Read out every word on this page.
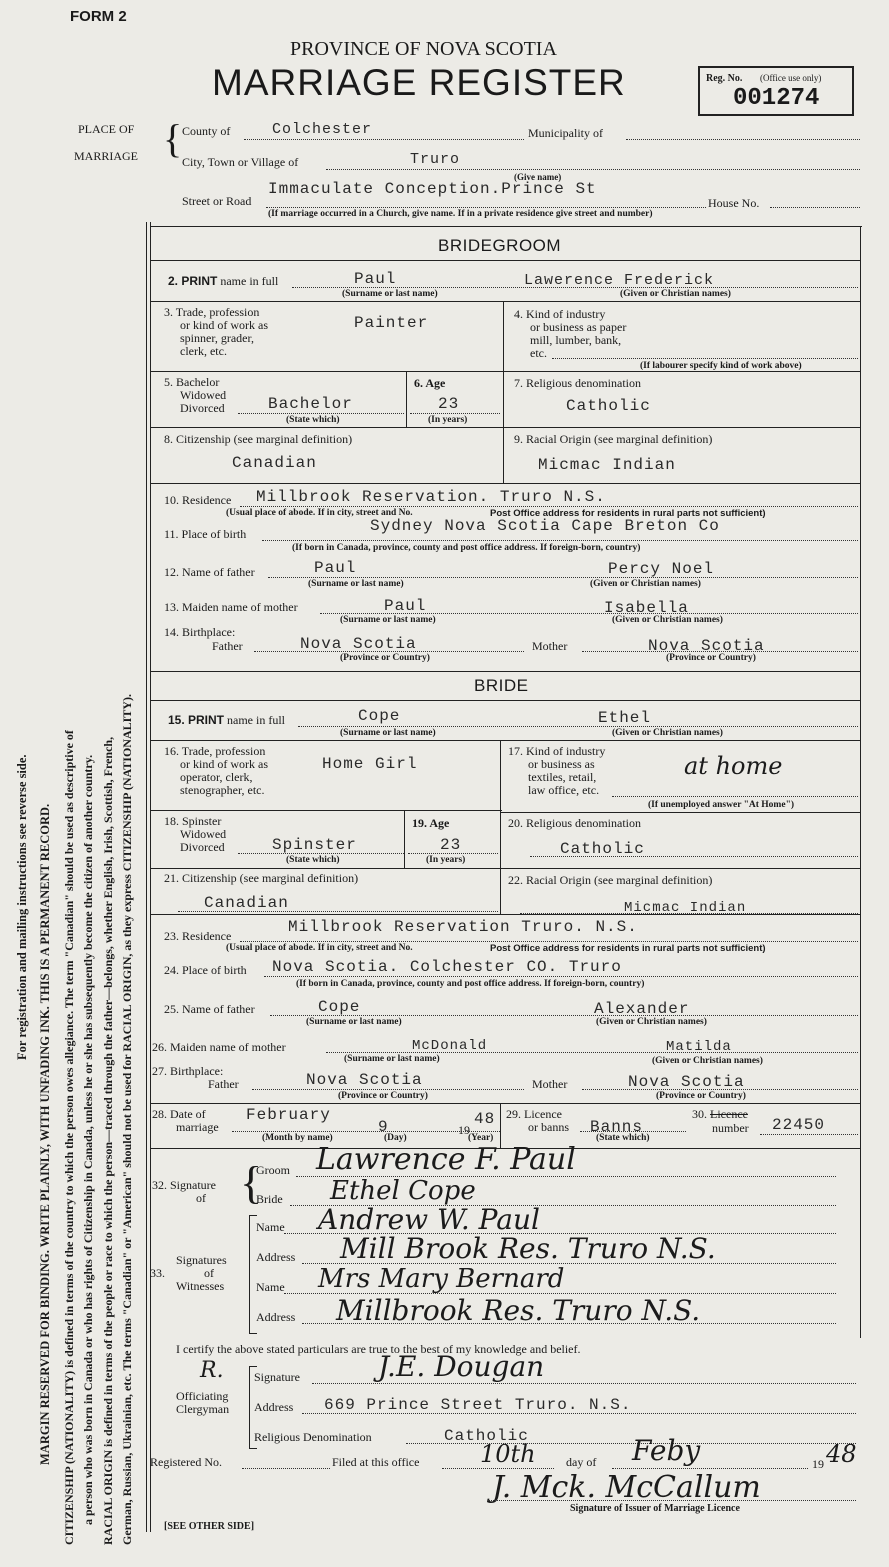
FORM 2
PROVINCE OF NOVA SCOTIA
MARRIAGE REGISTER	Reg. No. (Office use only)
001274
PLACE OF
MARRIAGE { County of	Colchester	Municipality of
City, Town or Village of	Truro
(Give name)
Street or Road
Immaculate Conception.Prince St
House No.
(If marriage occurred in a Church, give name. If in a private residence give street and number)
For registration and mailing instructions see reverse side. MARGIN RESERVED FOR BINDING. WRITE PLAINLY, WITH UNFADING INK. THIS IS A PERMANENT RECORD. CITIZENSHIP (NATIONALITY) is defined in terms of the country to which the person owes allegiance. The term "Canadian" should be used as descriptive of a person who was born in Canada or who has rights of Citizenship in Canada, unless he or she has subsequently become the citizen of another country. RACIAL ORIGIN is defined in terms of the people or race to which the person—traced through the father—belongs, whether English, Irish, Scottish, French, German, Russian, Ukrainian, etc. The terms "Canadian" or "American" should not be used for RACIAL ORIGIN, as they express CITIZENSHIP (NATIONALITY).
BRIDEGROOM
2. PRINT name in full	Paul	Lawerence Frederick
(Surname or last name)	(Given or Christian names)
3. Trade, profession
or kind of work as
spinner, grader,
clerk, etc.
Painter	4. Kind of industry
or business as paper
mill, lumber, bank,
etc.
(If labourer specify kind of work above)
5. Bachelor
Widowed
Divorced	Bachelor
(State which)
6. Age
23
(In years)
7. Religious denomination
Catholic
8. Citizenship (see marginal definition)
Canadian
9. Racial Origin (see marginal definition)
Micmac Indian
10. Residence Millbrook Reservation. Truro N.S.
(Usual place of abode. If in city, street and No.	Post Office address for residents in rural parts not sufficient)
11. Place of birth	Sydney Nova Scotia Cape Breton Co
(If born in Canada, province, county and post office address. If foreign-born, country)
12. Name of father	Paul	Percy Noel
(Surname or last name)	(Given or Christian names)
13. Maiden name of mother	Paul	Isabella
(Surname or last name)	(Given or Christian names)
14. Birthplace:
Father	Nova Scotia
(Province or Country)
Mother	Nova Scotia
(Province or Country)
BRIDE
15. PRINT name in full	Cope	Ethel
(Surname or last name)	(Given or Christian names)
16. Trade, profession
or kind of work as
operator, clerk,
stenographer, etc.
Home Girl
17. Kind of industry
or business as
textiles, retail,
law office, etc.
at home
(If unemployed answer "At Home")
18. Spinster
Widowed
Divorced	Spinster
(State which)
19. Age
23
(In years)
20. Religious denomination
Catholic
21. Citizenship (see marginal definition)
Canadian
22. Racial Origin (see marginal definition)
Micmac Indian
23. Residence	Millbrook Reservation Truro. N.S.
(Usual place of abode. If in city, street and No.	Post Office address for residents in rural parts not sufficient)
24. Place of birth Nova Scotia. Colchester CO. Truro
(If born in Canada, province, county and post office address. If foreign-born, country)
25. Name of father	Cope	Alexander
(Surname or last name)	(Given or Christian names)
26. Maiden name of mother	McDonald	Matilda
(Surname or last name)	(Given or Christian names)
27. Birthplace:
Father	Nova Scotia
(Province or Country)
Mother	Nova Scotia
(Province or Country)
28. Date of
marriage
February
9	19
48
(Month by name)	(Day)	(Year)
29. Licence
or banns Banns
(State which)
30. Licence
number 22450
32. Signature
of {
Groom Lawrence F. Paul
Bride Ethel Cope
33.
Signatures
of
Witnesses
Name Andrew W. Paul
Address Mill Brook Res. Truro N.S.
Name Mrs Mary Bernard
Address Millbrook Res. Truro N.S.
I certify the above stated particulars are true to the best of my knowledge and belief.
R.
Officiating
Clergyman
Signature	J.E. Dougan
Address 669 Prince Street Truro. N.S.
Religious Denomination	Catholic
Registered No.	Filed at this office	10th	day of Feby	19 48
J. Mck. McCallum
Signature of Issuer of Marriage Licence
[SEE OTHER SIDE]
